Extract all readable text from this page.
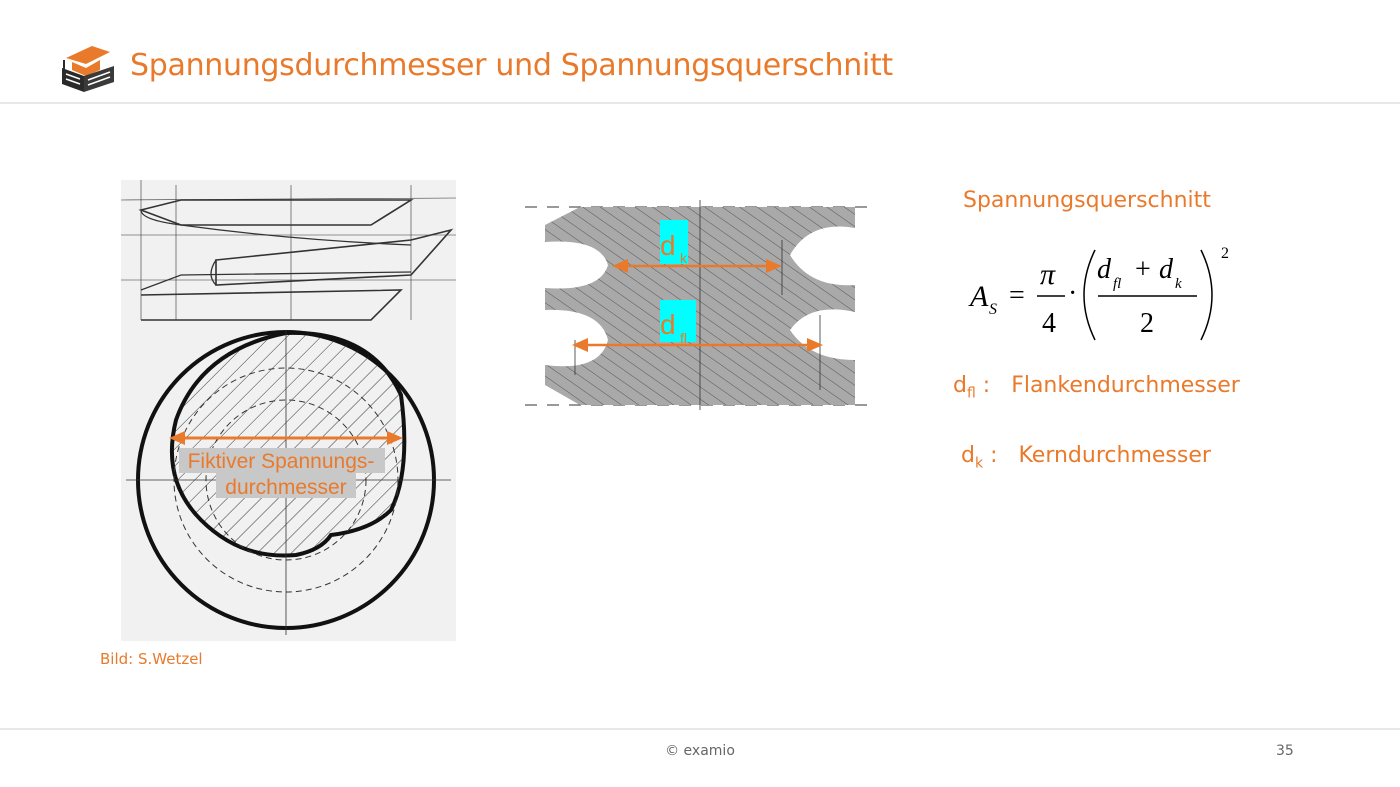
Spannungsdurchmesser und Spannungsquerschnitt
Fiktiver Spannungs-
durchmesser
Bild: S.Wetzel
d k
d fl
Spannungsquerschnitt
A S =
π
4
·
d fl + d k
2
2
$d_{fl}$ :   Flankendurchmesser
$d_k$ :   Kerndurchmesser
© examio	35
